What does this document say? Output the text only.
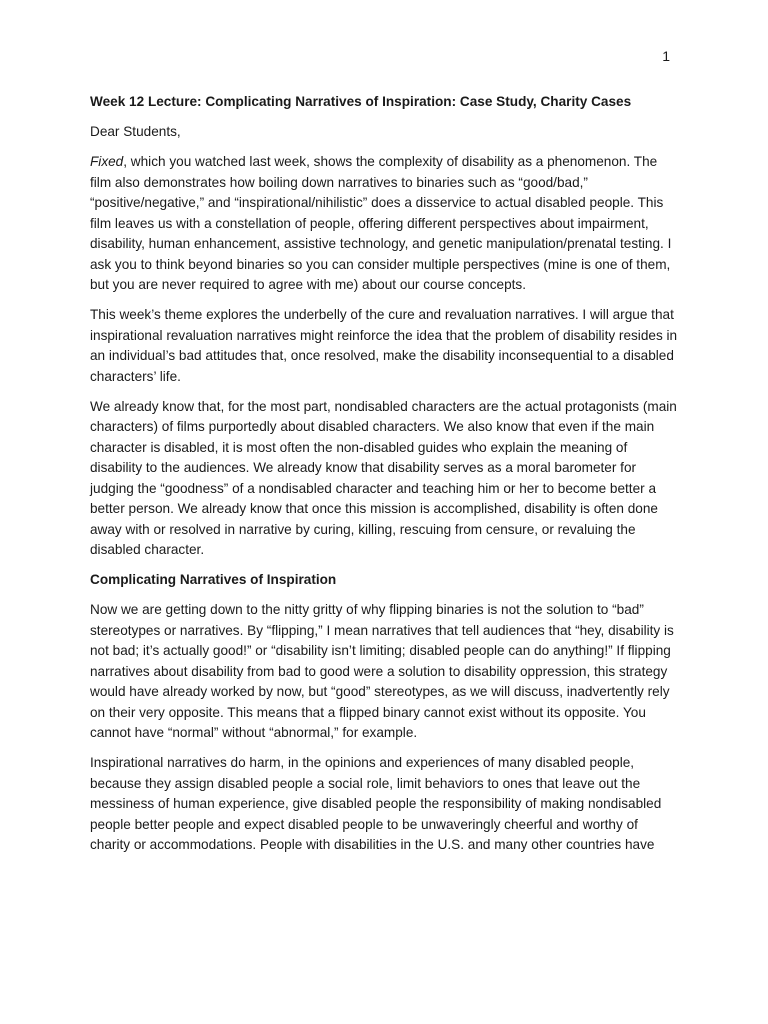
1

Week 12 Lecture: Complicating Narratives of Inspiration: Case Study, Charity Cases

Dear Students,

Fixed, which you watched last week, shows the complexity of disability as a phenomenon. The film also demonstrates how boiling down narratives to binaries such as “good/bad,” “positive/negative,” and “inspirational/nihilistic” does a disservice to actual disabled people. This film leaves us with a constellation of people, offering different perspectives about impairment, disability, human enhancement, assistive technology, and genetic manipulation/prenatal testing. I ask you to think beyond binaries so you can consider multiple perspectives (mine is one of them, but you are never required to agree with me) about our course concepts.

This week’s theme explores the underbelly of the cure and revaluation narratives. I will argue that inspirational revaluation narratives might reinforce the idea that the problem of disability resides in an individual’s bad attitudes that, once resolved, make the disability inconsequential to a disabled characters’ life.

We already know that, for the most part, nondisabled characters are the actual protagonists (main characters) of films purportedly about disabled characters. We also know that even if the main character is disabled, it is most often the non-disabled guides who explain the meaning of disability to the audiences. We already know that disability serves as a moral barometer for judging the “goodness” of a nondisabled character and teaching him or her to become better a better person. We already know that once this mission is accomplished, disability is often done away with or resolved in narrative by curing, killing, rescuing from censure, or revaluing the disabled character.

Complicating Narratives of Inspiration

Now we are getting down to the nitty gritty of why flipping binaries is not the solution to “bad” stereotypes or narratives. By “flipping,” I mean narratives that tell audiences that “hey, disability is not bad; it’s actually good!” or “disability isn’t limiting; disabled people can do anything!” If flipping narratives about disability from bad to good were a solution to disability oppression, this strategy would have already worked by now, but “good” stereotypes, as we will discuss, inadvertently rely on their very opposite. This means that a flipped binary cannot exist without its opposite. You cannot have “normal” without “abnormal,” for example.

Inspirational narratives do harm, in the opinions and experiences of many disabled people, because they assign disabled people a social role, limit behaviors to ones that leave out the messiness of human experience, give disabled people the responsibility of making nondisabled people better people and expect disabled people to be unwaveringly cheerful and worthy of charity or accommodations. People with disabilities in the U.S. and many other countries have
